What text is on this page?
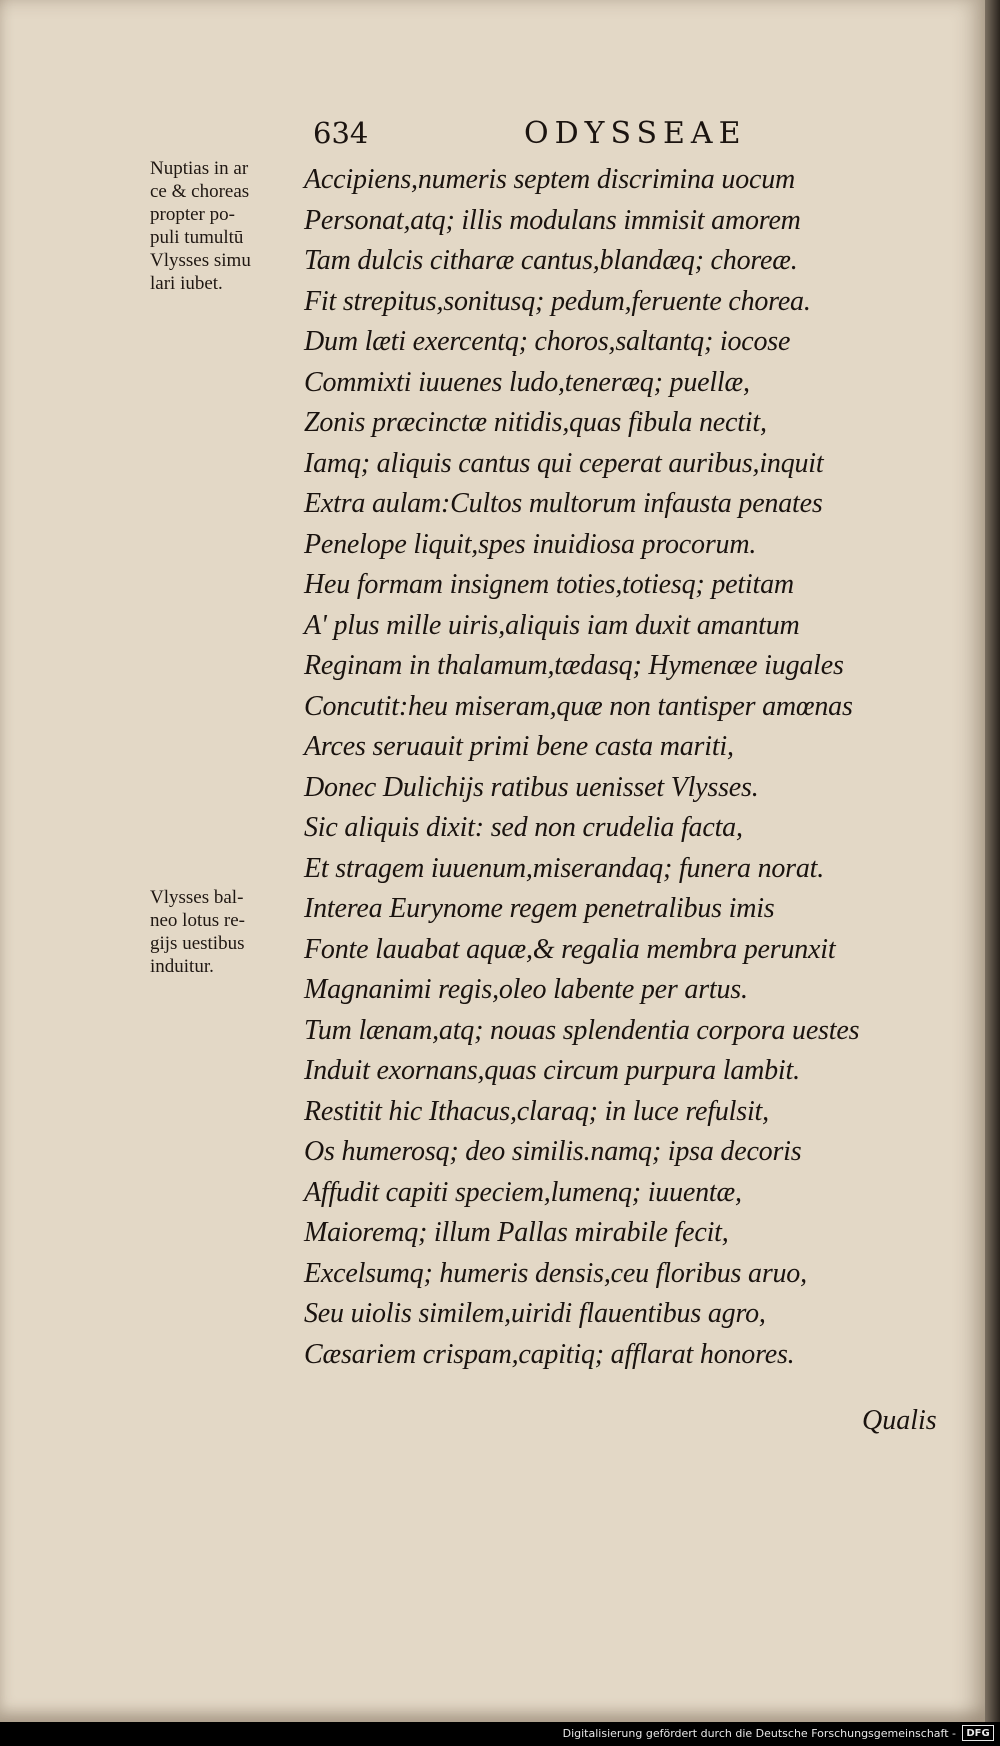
634	ODYSSEAE
Nuptias in ar
ce & choreas
propter po-
puli tumultū
Vlysses simu
lari iubet.
Vlysses bal-
neo lotus re-
gijs uestibus
induitur.
Accipiens,numeris septem discrimina uocum
Personat,atq; illis modulans immisit amorem
Tam dulcis citharæ cantus,blandæq; choreæ.
Fit strepitus,sonitusq; pedum,feruente chorea.
Dum læti exercentq; choros,saltantq; iocose
Commixti iuuenes ludo,teneræq; puellæ,
Zonis præcinctæ nitidis,quas fibula nectit,
Iamq; aliquis cantus qui ceperat auribus,inquit
Extra aulam:Cultos multorum infausta penates
Penelope liquit,spes inuidiosa procorum.
Heu formam insignem toties,totiesq; petitam
A' plus mille uiris,aliquis iam duxit amantum
Reginam in thalamum,tædasq; Hymenæe iugales
Concutit:heu miseram,quæ non tantisper amœnas
Arces seruauit primi bene casta mariti,
Donec Dulichijs ratibus uenisset Vlysses.
Sic aliquis dixit: sed non crudelia facta,
Et stragem iuuenum,miserandaq; funera norat.
Interea Eurynome regem penetralibus imis
Fonte lauabat aquæ,& regalia membra perunxit
Magnanimi regis,oleo labente per artus.
Tum lænam,atq; nouas splendentia corpora uestes
Induit exornans,quas circum purpura lambit.
Restitit hic Ithacus,claraq; in luce refulsit,
Os humerosq; deo similis.namq; ipsa decoris
Affudit capiti speciem,lumenq; iuuentæ,
Maioremq; illum Pallas mirabile fecit,
Excelsumq; humeris densis,ceu floribus aruo,
Seu uiolis similem,uiridi flauentibus agro,
Cæsariem crispam,capitiq; afflarat honores.
Qualis
Digitalisierung gefördert durch die Deutsche Forschungsgemeinschaft -	DFG
